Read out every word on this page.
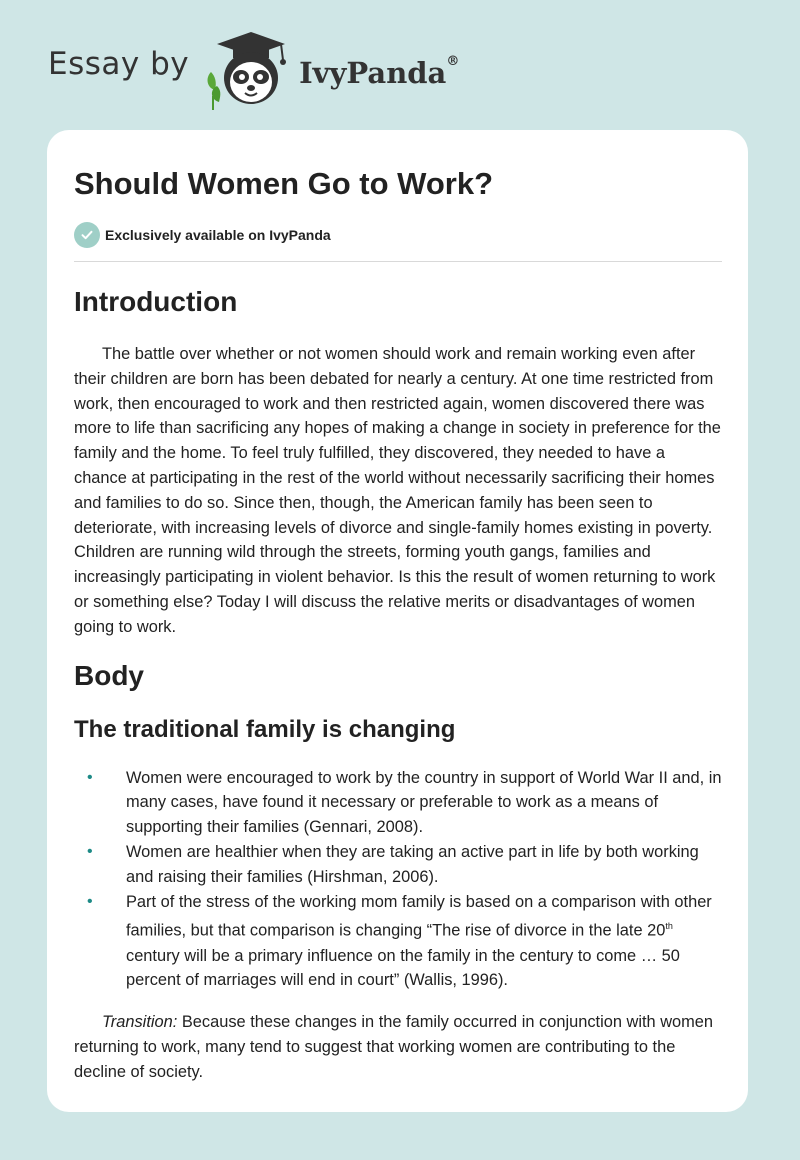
Essay by	IvyPanda®
Should Women Go to Work?
Exclusively available on IvyPanda
Introduction

The battle over whether or not women should work and remain working even after their children are born has been debated for nearly a century. At one time restricted from work, then encouraged to work and then restricted again, women discovered there was more to life than sacrificing any hopes of making a change in society in preference for the family and the home. To feel truly fulfilled, they discovered, they needed to have a chance at participating in the rest of the world without necessarily sacrificing their homes and families to do so. Since then, though, the American family has been seen to deteriorate, with increasing levels of divorce and single-family homes existing in poverty. Children are running wild through the streets, forming youth gangs, families and increasingly participating in violent behavior. Is this the result of women returning to work or something else? Today I will discuss the relative merits or disadvantages of women going to work.

Body
The traditional family is changing
• Women were encouraged to work by the country in support of World War II and, in many cases, have found it necessary or preferable to work as a means of supporting their families (Gennari, 2008).
• Women are healthier when they are taking an active part in life by both working and raising their families (Hirshman, 2006).
• Part of the stress of the working mom family is based on a comparison with other families, but that comparison is changing “The rise of divorce in the late 20th century will be a primary influence on the family in the century to come … 50 percent of marriages will end in court” (Wallis, 1996).

Transition: Because these changes in the family occurred in conjunction with women returning to work, many tend to suggest that working women are contributing to the decline of society.
